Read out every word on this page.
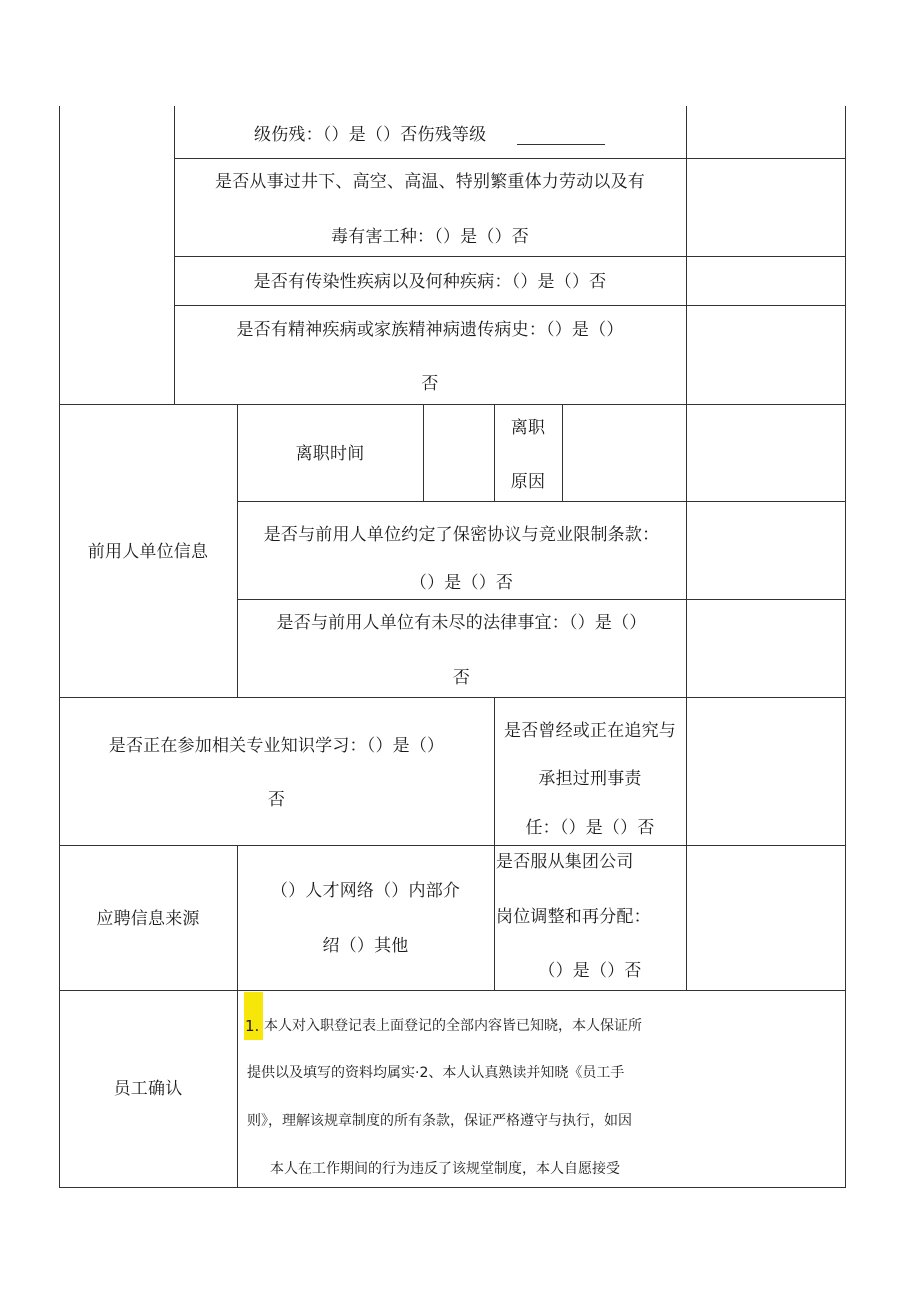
级伤残：（）是（）否伤残等级
是否从事过井下、高空、高温、特别繁重体力劳动以及有
毒有害工种：（）是（）否
是否有传染性疾病以及何种疾病：（）是（）否
是否有精神疾病或家族精神病遗传病史：（）是（）
否
前用人单位信息
离职时间
离职
原因
是否与前用人单位约定了保密协议与竞业限制条款：
（）是（）否
是否与前用人单位有未尽的法律事宜：（）是（）
否
是否正在参加相关专业知识学习：（）是（）
否
是否曾经或正在追究与
承担过刑事责
任：（）是（）否
应聘信息来源
（）人才网络（）内部介
绍（）其他
是否服从集团公司
岗位调整和再分配：
（）是（）否
员工确认
1. 本人对入职登记表上面登记的全部内容皆已知晓，本人保证所
提供以及填写的资料均属实·2、本人认真熟读并知晓《员工手
则》，理解该规章制度的所有条款，保证严格遵守与执行，如因
本人在工作期间的行为违反了该规堂制度，本人自愿接受
